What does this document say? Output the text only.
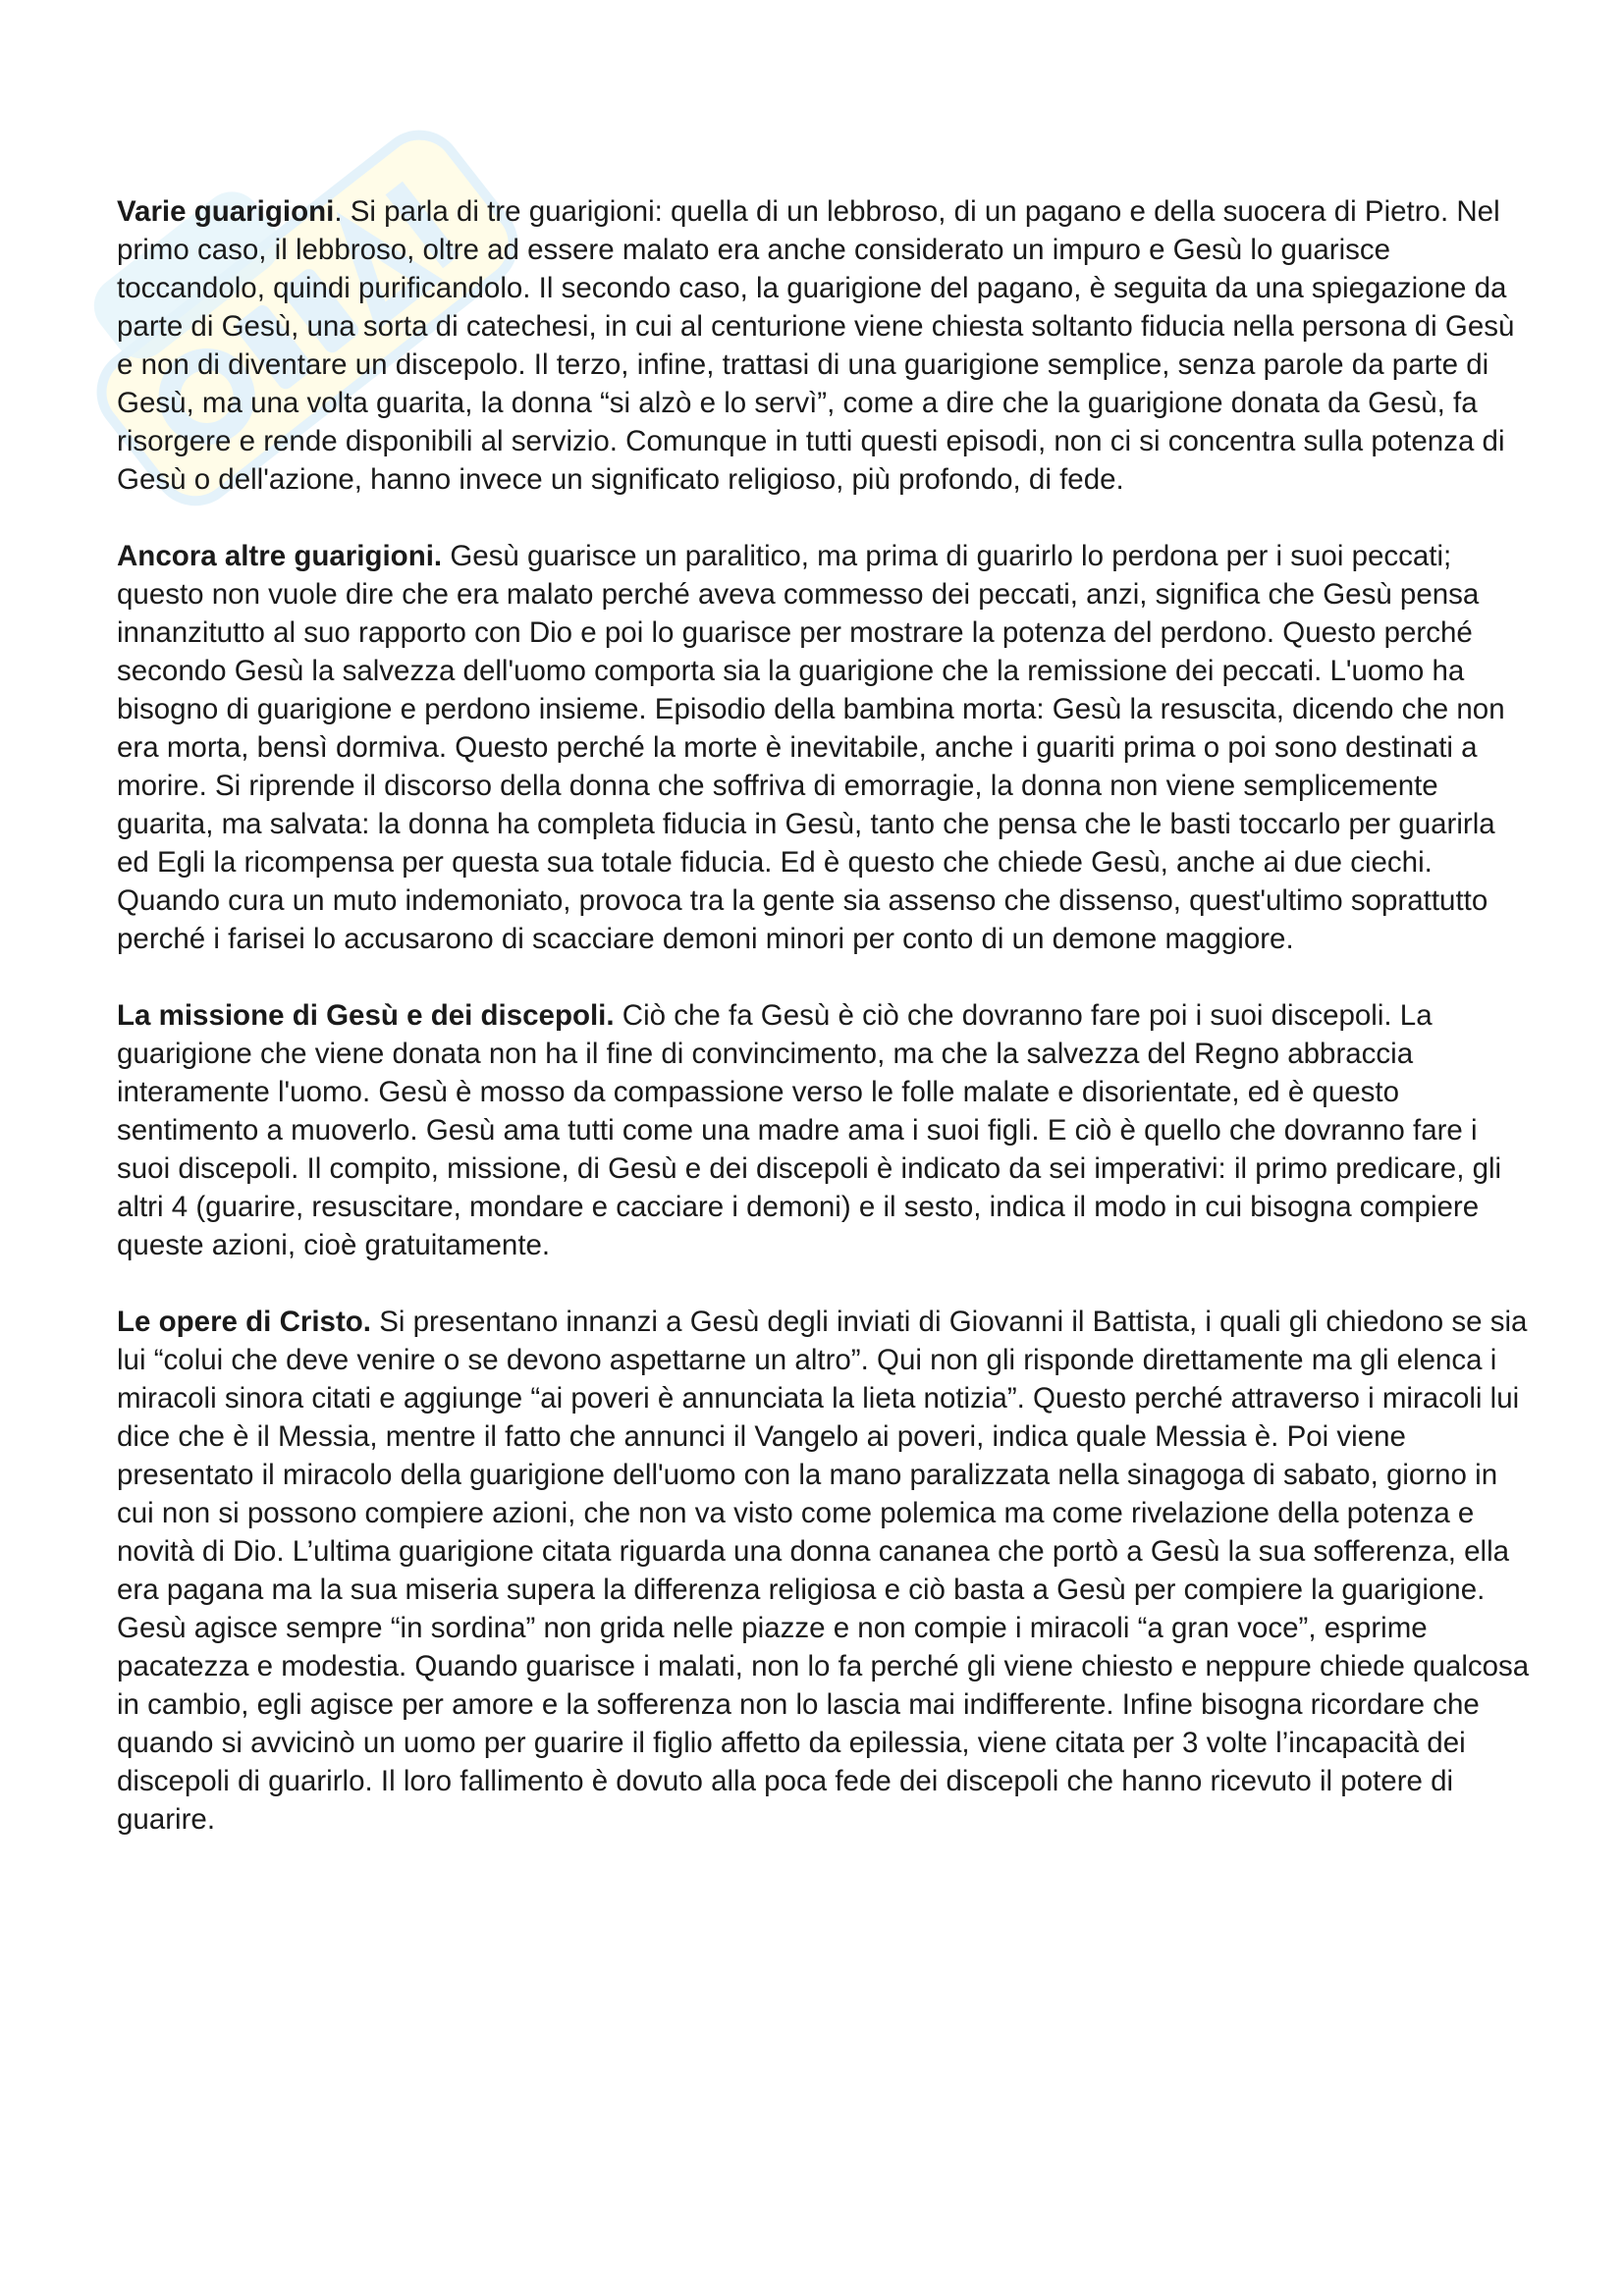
Varie guarigioni. Si parla di tre guarigioni: quella di un lebbroso, di un pagano e della suocera di Pietro. Nel primo caso, il lebbroso, oltre ad essere malato era anche considerato un impuro e Gesù lo guarisce toccandolo, quindi purificandolo. Il secondo caso, la guarigione del pagano, è seguita da una spiegazione da parte di Gesù, una sorta di catechesi, in cui al centurione viene chiesta soltanto fiducia nella persona di Gesù e non di diventare un discepolo. Il terzo, infine, trattasi di una guarigione semplice, senza parole da parte di Gesù, ma una volta guarita, la donna “si alzò e lo servì”, come a dire che la guarigione donata da Gesù, fa risorgere e rende disponibili al servizio. Comunque in tutti questi episodi, non ci si concentra sulla potenza di Gesù o dell'azione, hanno invece un significato religioso, più profondo, di fede.

Ancora altre guarigioni. Gesù guarisce un paralitico, ma prima di guarirlo lo perdona per i suoi peccati; questo non vuole dire che era malato perché aveva commesso dei peccati, anzi, significa che Gesù pensa innanzitutto al suo rapporto con Dio e poi lo guarisce per mostrare la potenza del perdono. Questo perché secondo Gesù la salvezza dell'uomo comporta sia la guarigione che la remissione dei peccati. L'uomo ha bisogno di guarigione e perdono insieme. Episodio della bambina morta: Gesù la resuscita, dicendo che non era morta, bensì dormiva. Questo perché la morte è inevitabile, anche i guariti prima o poi sono destinati a morire. Si riprende il discorso della donna che soffriva di emorragie, la donna non viene semplicemente guarita, ma salvata: la donna ha completa fiducia in Gesù, tanto che pensa che le basti toccarlo per guarirla ed Egli la ricompensa per questa sua totale fiducia. Ed è questo che chiede Gesù, anche ai due ciechi. Quando cura un muto indemoniato, provoca tra la gente sia assenso che dissenso, quest'ultimo soprattutto perché i farisei lo accusarono di scacciare demoni minori per conto di un demone maggiore.

La missione di Gesù e dei discepoli. Ciò che fa Gesù è ciò che dovranno fare poi i suoi discepoli. La guarigione che viene donata non ha il fine di convincimento, ma che la salvezza del Regno abbraccia interamente l'uomo. Gesù è mosso da compassione verso le folle malate e disorientate, ed è questo sentimento a muoverlo. Gesù ama tutti come una madre ama i suoi figli. E ciò è quello che dovranno fare i suoi discepoli. Il compito, missione, di Gesù e dei discepoli è indicato da sei imperativi: il primo predicare, gli altri 4 (guarire, resuscitare, mondare e cacciare i demoni) e il sesto, indica il modo in cui bisogna compiere queste azioni, cioè gratuitamente.

Le opere di Cristo. Si presentano innanzi a Gesù degli inviati di Giovanni il Battista, i quali gli chiedono se sia lui “colui che deve venire o se devono aspettarne un altro”. Qui non gli risponde direttamente ma gli elenca i miracoli sinora citati e aggiunge “ai poveri è annunciata la lieta notizia”. Questo perché attraverso i miracoli lui dice che è il Messia, mentre il fatto che annunci il Vangelo ai poveri, indica quale Messia è. Poi viene presentato il miracolo della guarigione dell'uomo con la mano paralizzata nella sinagoga di sabato, giorno in cui non si possono compiere azioni, che non va visto come polemica ma come rivelazione della potenza e novità di Dio. L’ultima guarigione citata riguarda una donna cananea che portò a Gesù la sua sofferenza, ella era pagana ma la sua miseria supera la differenza religiosa e ciò basta a Gesù per compiere la guarigione. Gesù agisce sempre “in sordina” non grida nelle piazze e non compie i miracoli “a gran voce”, esprime pacatezza e modestia. Quando guarisce i malati, non lo fa perché gli viene chiesto e neppure chiede qualcosa in cambio, egli agisce per amore e la sofferenza non lo lascia mai indifferente. Infine bisogna ricordare che quando si avvicinò un uomo per guarire il figlio affetto da epilessia, viene citata per 3 volte l’incapacità dei discepoli di guarirlo. Il loro fallimento è dovuto alla poca fede dei discepoli che hanno ricevuto il potere di guarire.
